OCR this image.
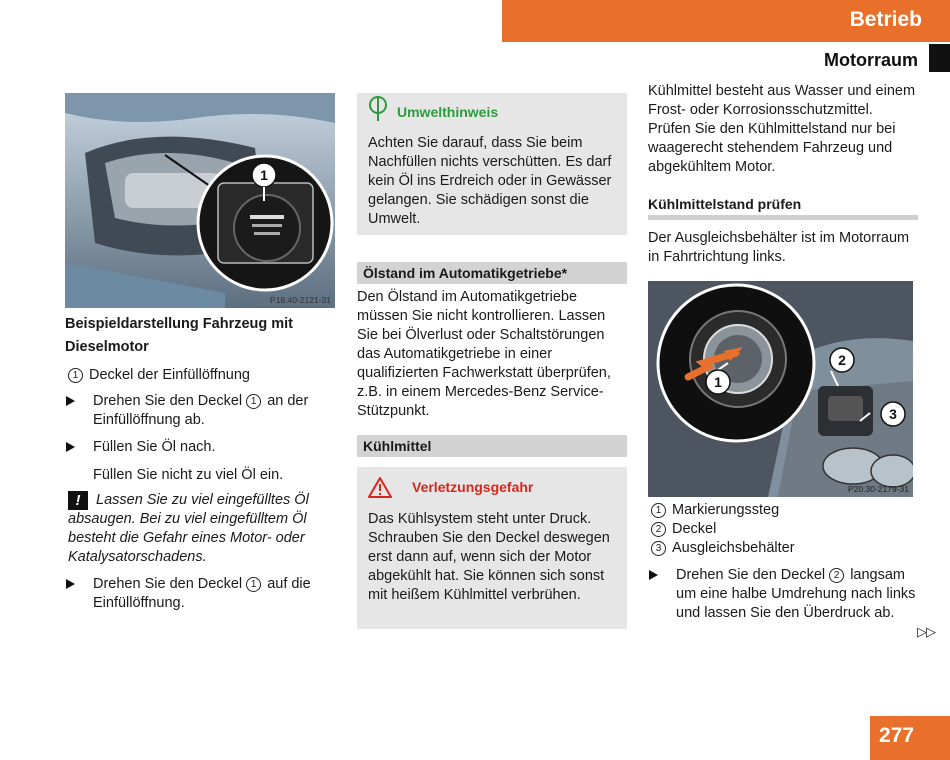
Betrieb
Motorraum
1
P18.40-2121-31
Beispieldarstellung Fahrzeug mit Dieselmotor
1 Deckel der Einfüllöffnung
Drehen Sie den Deckel 1 an der Einfüllöffnung ab.
Füllen Sie Öl nach.
Füllen Sie nicht zu viel Öl ein.
!	Lassen Sie zu viel eingefülltes Öl absaugen. Bei zu viel eingefülltem Öl besteht die Gefahr eines Motor- oder Katalysatorschadens.
Drehen Sie den Deckel 1 auf die Einfüllöffnung.
Umwelthinweis
Achten Sie darauf, dass Sie beim Nachfüllen nichts verschütten. Es darf kein Öl ins Erdreich oder in Gewässer gelangen. Sie schädigen sonst die Umwelt.
Ölstand im Automatikgetriebe*
Den Ölstand im Automatikgetriebe müssen Sie nicht kontrollieren. Lassen Sie bei Ölverlust oder Schaltstörungen das Automatikgetriebe in einer qualifizierten Fachwerkstatt überprüfen, z.B. in einem Mercedes-Benz Service-Stützpunkt.
Kühlmittel
Verletzungsgefahr
Das Kühlsystem steht unter Druck. Schrauben Sie den Deckel deswegen erst dann auf, wenn sich der Motor abgekühlt hat. Sie können sich sonst mit heißem Kühlmittel verbrühen.
Kühlmittel besteht aus Wasser und einem Frost- oder Korrosionsschutzmittel. Prüfen Sie den Kühlmittelstand nur bei waagerecht stehendem Fahrzeug und abgekühltem Motor.
Kühlmittelstand prüfen
Der Ausgleichsbehälter ist im Motorraum in Fahrtrichtung links.
1
2
3
P20.30-2179-31
1 Markierungssteg
2 Deckel
3 Ausgleichsbehälter
Drehen Sie den Deckel 2 langsam um eine halbe Umdrehung nach links und lassen Sie den Überdruck ab.
▷▷
277
